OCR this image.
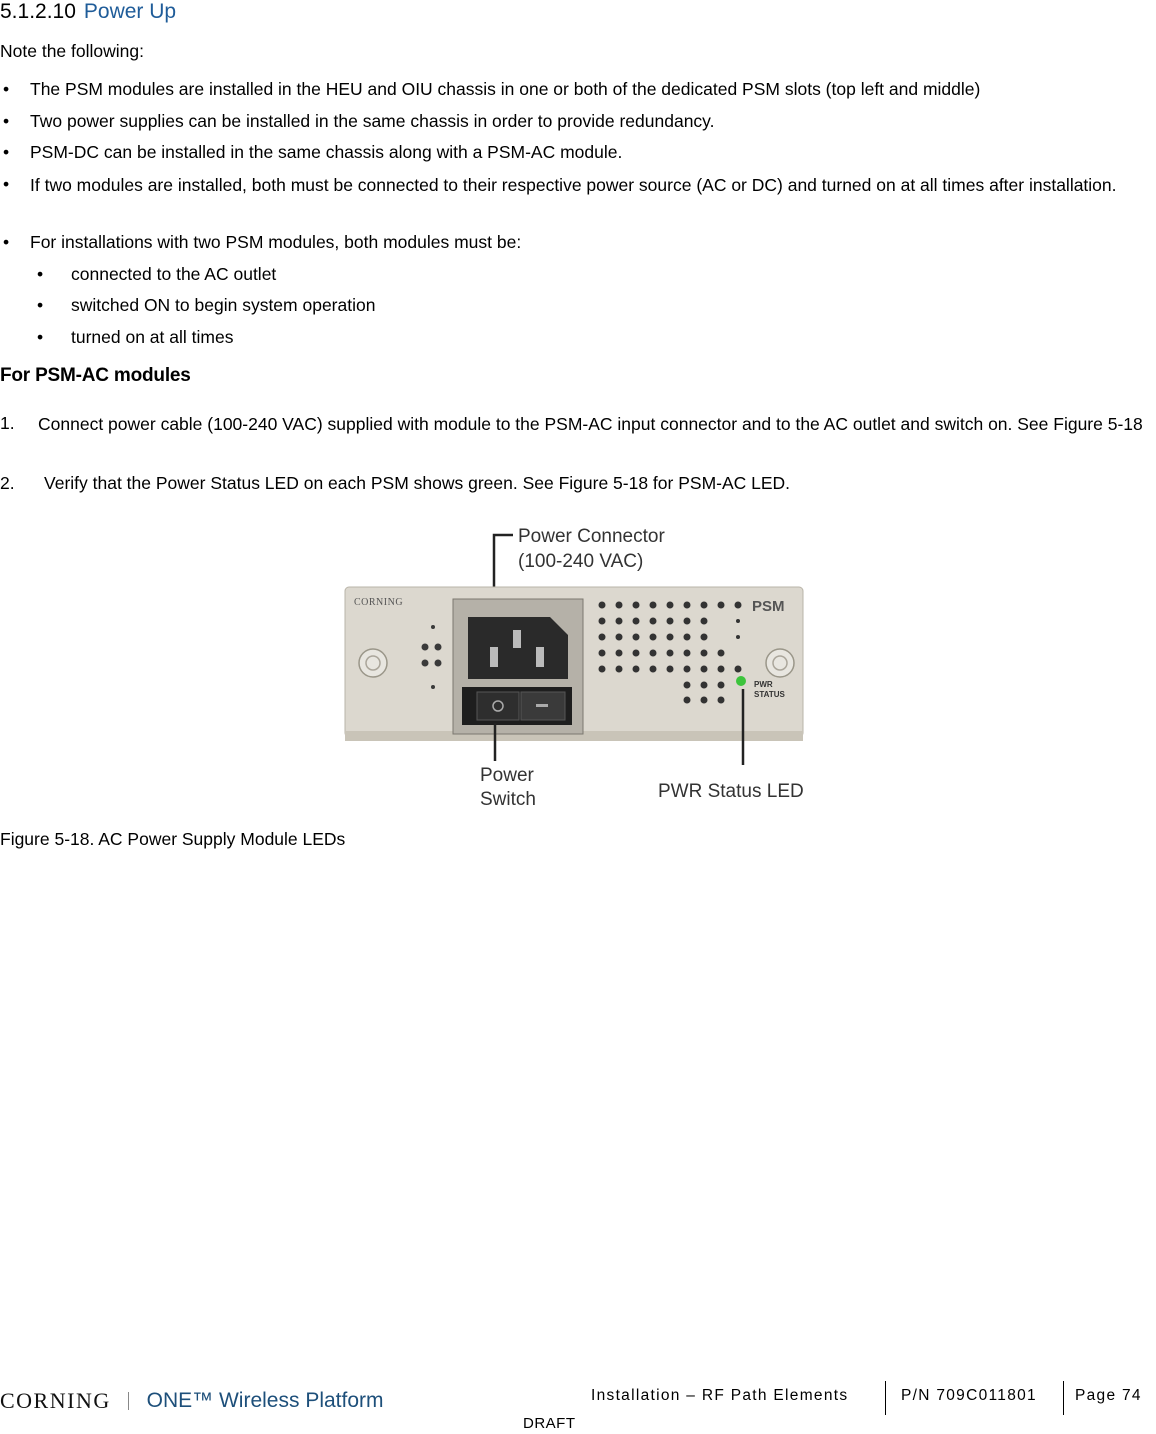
5.1.2.10 Power Up
Note the following:
• The PSM modules are installed in the HEU and OIU chassis in one or both of the dedicated PSM slots (top left and middle)
• Two power supplies can be installed in the same chassis in order to provide redundancy.
• PSM-DC can be installed in the same chassis along with a PSM-AC module.
• If two modules are installed, both must be connected to their respective power source (AC or DC) and turned on at all times after installation.
• For installations with two PSM modules, both modules must be:
• connected to the AC outlet
• switched ON to begin system operation
• turned on at all times
For PSM-AC modules
1. Connect power cable (100-240 VAC) supplied with module to the PSM-AC input connector and to the AC outlet and switch on. See Figure 5-18
2. Verify that the Power Status LED on each PSM shows green. See Figure 5-18 for PSM-AC LED.
Power Connector
(100-240 VAC)
CORNING	PSM
PWR
STATUS
Power
Switch	PWR Status LED
Figure 5-18. AC Power Supply Module LEDs
CORNING ONE™ Wireless Platform	Installation – RF Path Elements	P/N 709C011801 Page 74
DRAFT
